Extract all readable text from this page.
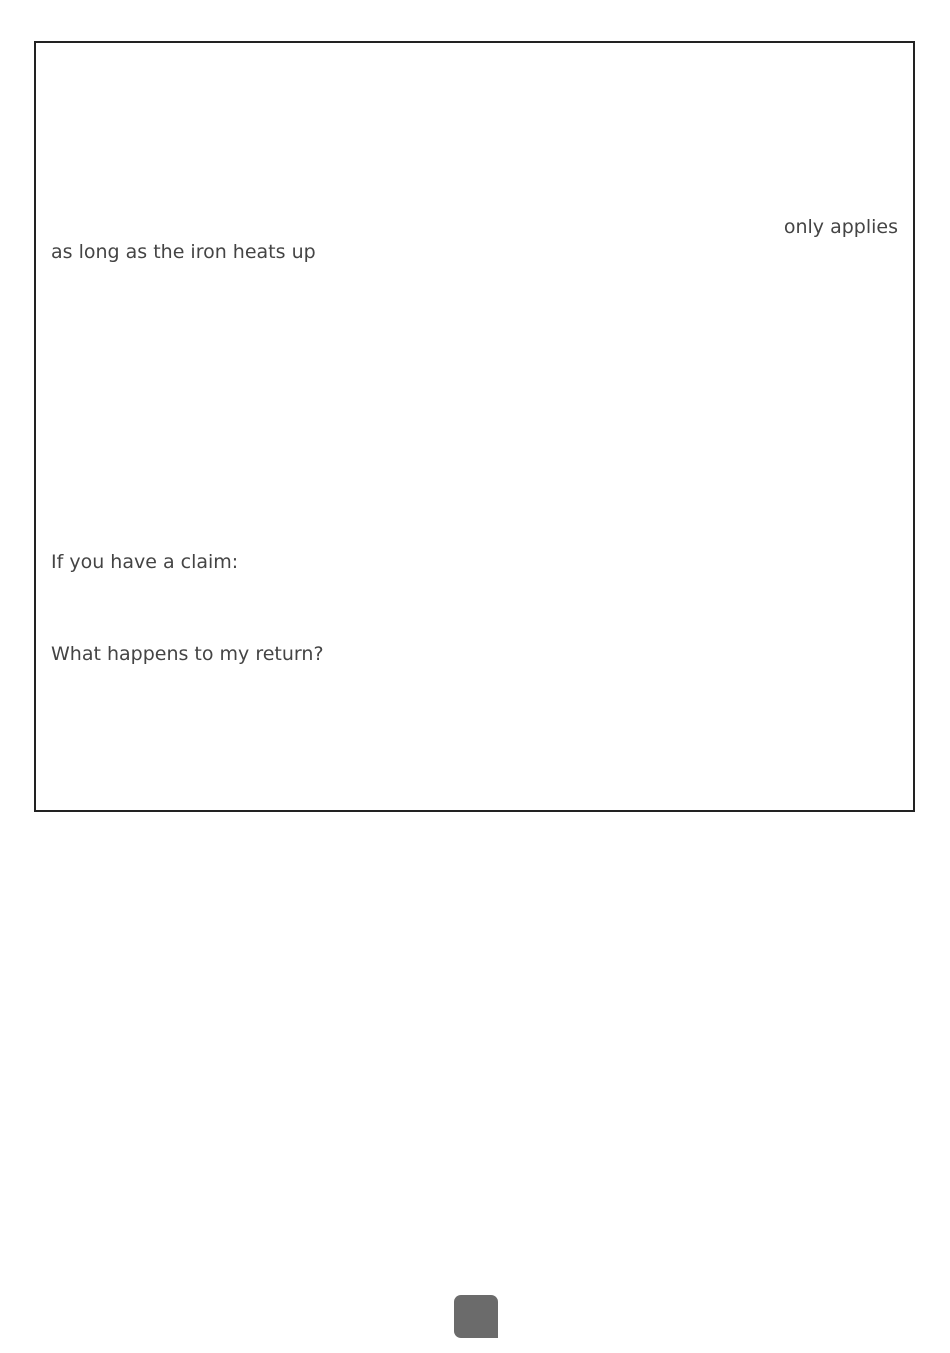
only applies
as long as the iron heats up
If you have a claim:
What happens to my return?
